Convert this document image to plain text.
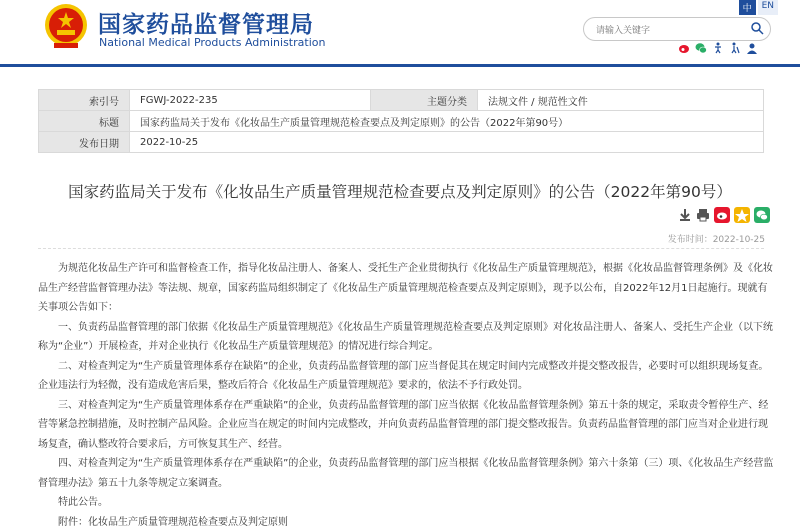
国家药品监督管理局
National Medical Products Administration
中	EN
请输入关键字
索引号	FGWJ-2022-235	主题分类	法规文件 / 规范性文件
标题	国家药监局关于发布《化妆品生产质量管理规范检查要点及判定原则》的公告（2022年第90号）		
发布日期	2022-10-25		
国家药监局关于发布《化妆品生产质量管理规范检查要点及判定原则》的公告（2022年第90号）
发布时间：2022-10-25

为规范化妆品生产许可和监督检查工作，指导化妆品注册人、备案人、受托生产企业贯彻执行《化妆品生产质量管理规范》，根据《化妆品监督管理条例》及《化妆品生产经营监督管理办法》等法规、规章，国家药监局组织制定了《化妆品生产质量管理规范检查要点及判定原则》，现予以公布，自2022年12月1日起施行。现就有关事项公告如下：

一、负责药品监督管理的部门依据《化妆品生产质量管理规范》《化妆品生产质量管理规范检查要点及判定原则》对化妆品注册人、备案人、受托生产企业（以下统称为“企业”）开展检查，并对企业执行《化妆品生产质量管理规范》的情况进行综合判定。

二、对检查判定为“生产质量管理体系存在缺陷”的企业，负责药品监督管理的部门应当督促其在规定时间内完成整改并提交整改报告，必要时可以组织现场复查。企业违法行为轻微，没有造成危害后果，整改后符合《化妆品生产质量管理规范》要求的，依法不予行政处罚。

三、对检查判定为“生产质量管理体系存在严重缺陷”的企业，负责药品监督管理的部门应当依据《化妆品监督管理条例》第五十条的规定，采取责令暂停生产、经营等紧急控制措施，及时控制产品风险。企业应当在规定的时间内完成整改，并向负责药品监督管理的部门提交整改报告。负责药品监督管理的部门应当对企业进行现场复查，确认整改符合要求后，方可恢复其生产、经营。

四、对检查判定为“生产质量管理体系存在严重缺陷”的企业，负责药品监督管理的部门应当根据《化妆品监督管理条例》第六十条第（三）项、《化妆品生产经营监督管理办法》第五十九条等规定立案调查。

特此公告。

附件：化妆品生产质量管理规范检查要点及判定原则
